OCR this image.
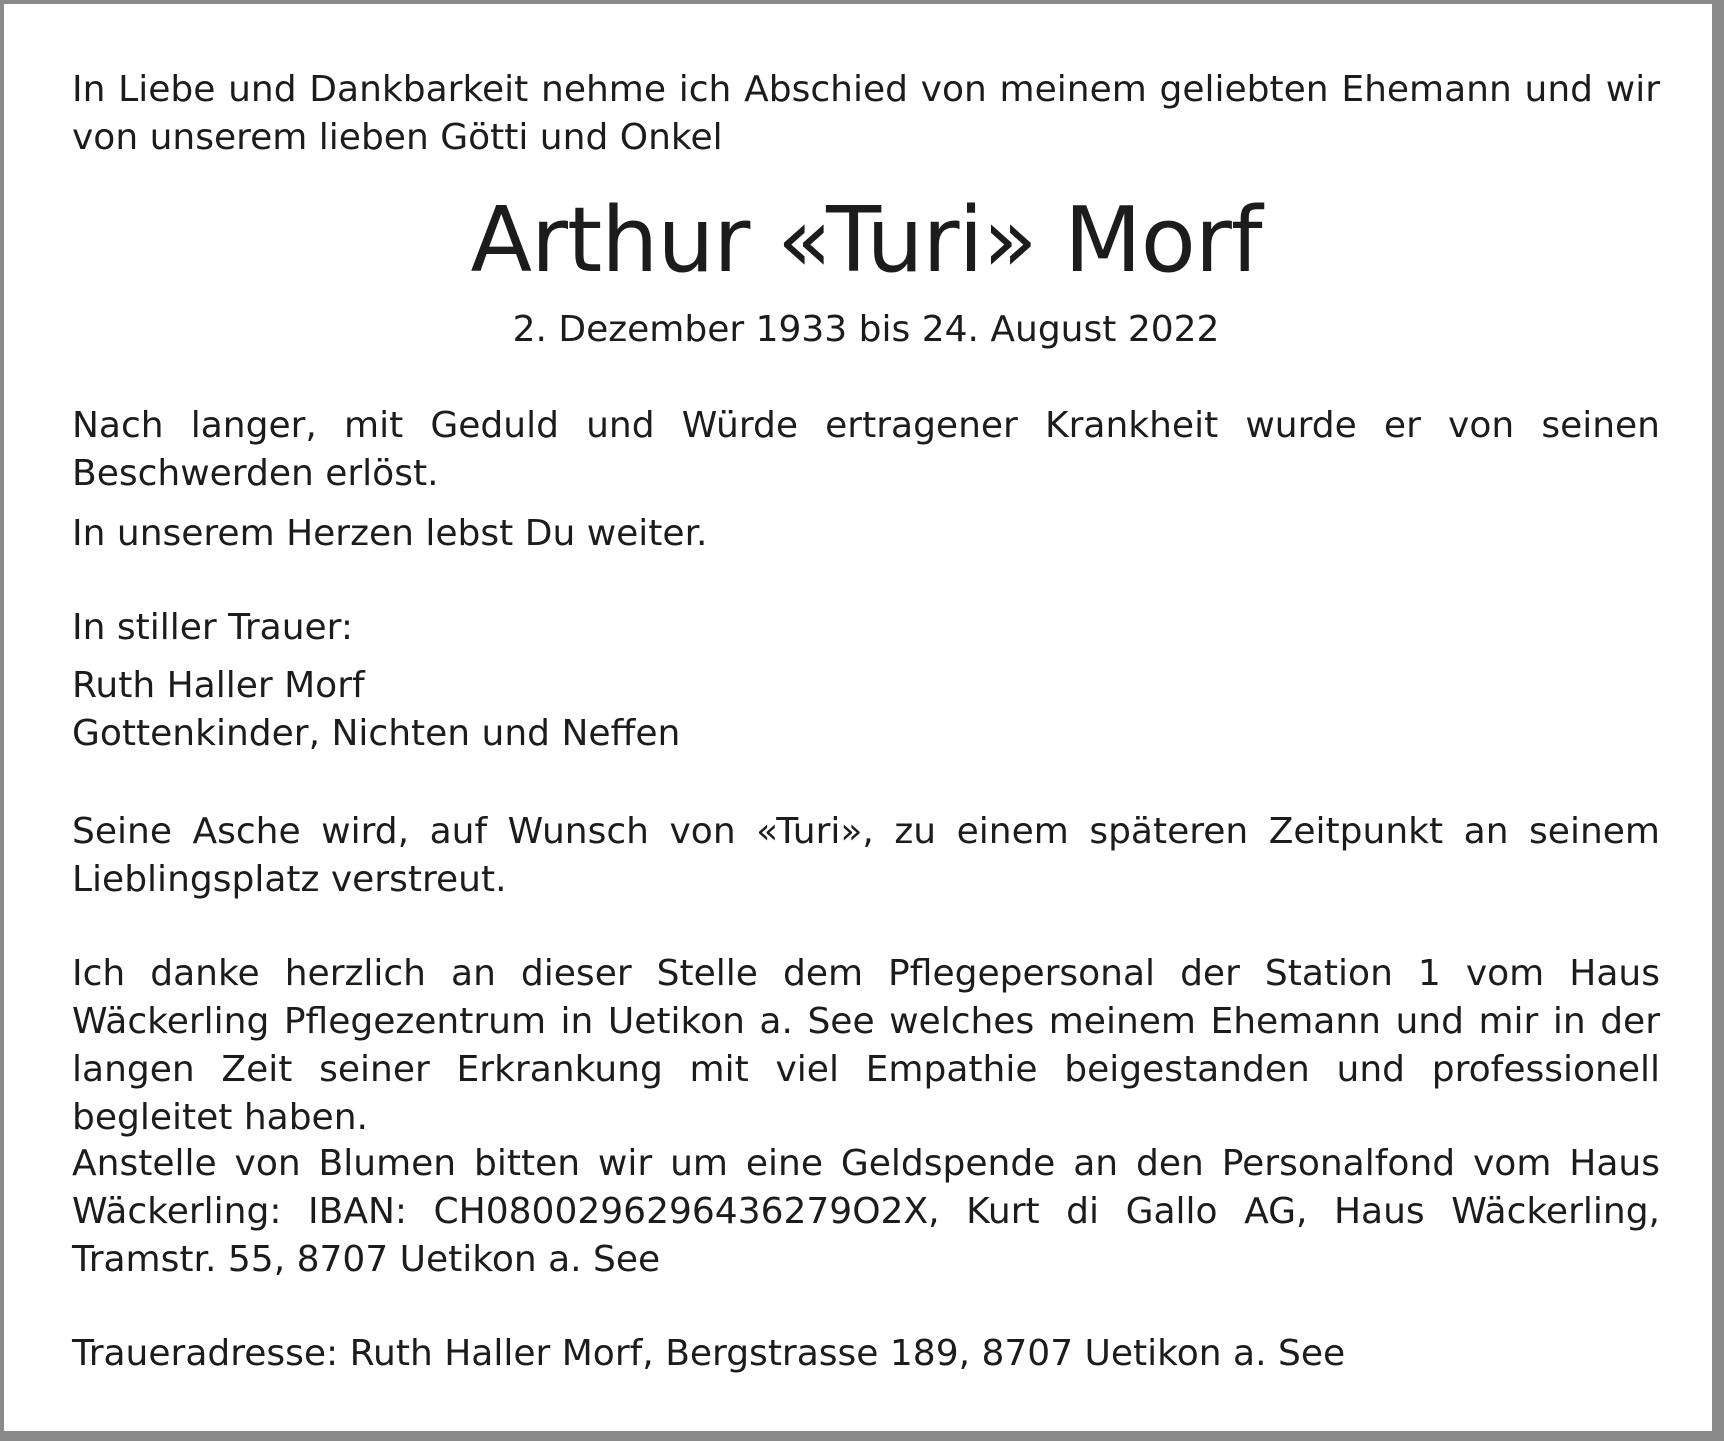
In Liebe und Dankbarkeit nehme ich Abschied von meinem geliebten Ehemann und wir von unserem lieben Götti und Onkel

Arthur «Turi» Morf

2. Dezember 1933 bis 24. August 2022

Nach langer, mit Geduld und Würde ertragener Krankheit wurde er von seinen Beschwerden erlöst.

In unserem Herzen lebst Du weiter.

In stiller Trauer:

Ruth Haller Morf

Gottenkinder, Nichten und Neffen

Seine Asche wird, auf Wunsch von «Turi», zu einem späteren Zeitpunkt an seinem Lieblingsplatz verstreut.

Ich danke herzlich an dieser Stelle dem Pflegepersonal der Station 1 vom Haus Wäckerling Pflegezentrum in Uetikon a. See welches meinem Ehemann und mir in der langen Zeit seiner Erkrankung mit viel Empathie beigestanden und professionell begleitet haben.

Anstelle von Blumen bitten wir um eine Geldspende an den Personalfond vom Haus Wäckerling: IBAN: CH0800296296436279O2X, Kurt di Gallo AG, Haus Wäckerling, Tramstr. 55, 8707 Uetikon a. See

Traueradresse: Ruth Haller Morf, Bergstrasse 189, 8707 Uetikon a. See
